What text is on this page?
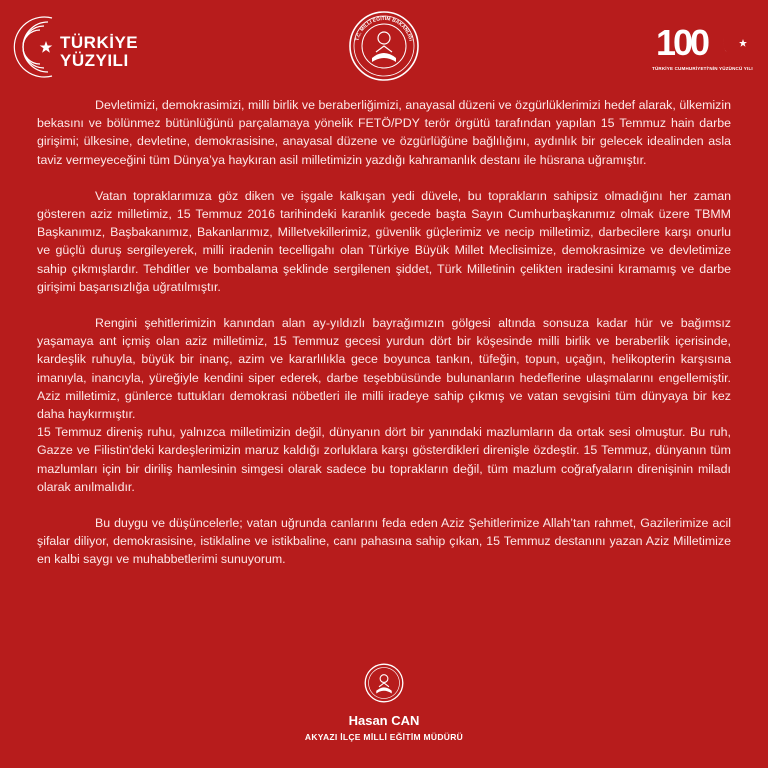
TÜRKİYE
YÜZYILI
T.C. MİLLÎ EĞİTİM BAKANLIĞI	100
TÜRKİYE CUMHURİYETİ'NİN YÜZÜNCÜ YILI

Devletimizi, demokrasimizi, milli birlik ve beraberliğimizi, anayasal düzeni ve özgürlüklerimizi hedef alarak, ülkemizin bekasını ve bölünmez bütünlüğünü parçalamaya yönelik FETÖ/PDY terör örgütü tarafından yapılan 15 Temmuz hain darbe girişimi; ülkesine, devletine, demokrasisine, anayasal düzene ve özgürlüğüne bağlılığını, aydınlık bir gelecek idealinden asla taviz vermeyeceğini tüm Dünya’ya haykıran asil milletimizin yazdığı kahramanlık destanı ile hüsrana uğramıştır.

Vatan topraklarımıza göz diken ve işgale kalkışan yedi düvele, bu toprakların sahipsiz olmadığını her zaman gösteren aziz milletimiz, 15 Temmuz 2016 tarihindeki karanlık gecede başta Sayın Cumhurbaşkanımız olmak üzere TBMM Başkanımız, Başbakanımız, Bakanlarımız, Milletvekillerimiz, güvenlik güçlerimiz ve necip milletimiz, darbecilere karşı onurlu ve güçlü duruş sergileyerek, milli iradenin tecelligahı olan Türkiye Büyük Millet Meclisimize, demokrasimize ve devletimize sahip çıkmışlardır. Tehditler ve bombalama şeklinde sergilenen şiddet, Türk Milletinin çelikten iradesini kıramamış ve darbe girişimi başarısızlığa uğratılmıştır.

Rengini şehitlerimizin kanından alan ay-yıldızlı bayrağımızın gölgesi altında sonsuza kadar hür ve bağımsız yaşamaya ant içmiş olan aziz milletimiz, 15 Temmuz gecesi yurdun dört bir köşesinde milli birlik ve beraberlik içerisinde, kardeşlik ruhuyla, büyük bir inanç, azim ve kararlılıkla gece boyunca tankın, tüfeğin, topun, uçağın, helikopterin karşısına imanıyla, inancıyla, yüreğiyle kendini siper ederek, darbe teşebbüsünde bulunanların hedeflerine ulaşmalarını engellemiştir. Aziz milletimiz, günlerce tuttukları demokrasi nöbetleri ile milli iradeye sahip çıkmış ve vatan sevgisini tüm dünyaya bir kez daha haykırmıştır.

15 Temmuz direniş ruhu, yalnızca milletimizin değil, dünyanın dört bir yanındaki mazlumların da ortak sesi olmuştur. Bu ruh, Gazze ve Filistin'deki kardeşlerimizin maruz kaldığı zorluklara karşı gösterdikleri direnişle özdeştir. 15 Temmuz, dünyanın tüm mazlumları için bir diriliş hamlesinin simgesi olarak sadece bu toprakların değil, tüm mazlum coğrafyaların direnişinin miladı olarak anılmalıdır.

Bu duygu ve düşüncelerle; vatan uğrunda canlarını feda eden Aziz Şehitlerimize Allah’tan rahmet, Gazilerimize acil şifalar diliyor, demokrasisine, istiklaline ve istikbaline, canı pahasına sahip çıkan, 15 Temmuz destanını yazan Aziz Milletimize en kalbi saygı ve muhabbetlerimi sunuyorum.

Hasan CAN
AKYAZI İLÇE MİLLİ EĞİTİM MÜDÜRÜ
